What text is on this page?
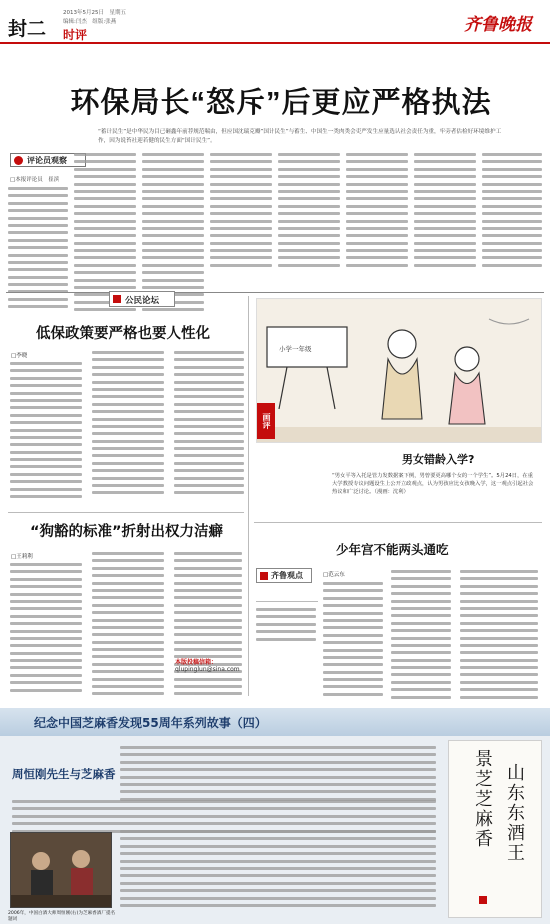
封二
2013年5月25日　星期五
编辑:闫杰　组版:张燕
时评	齐鲁晚报
环保局长“怒斥”后更应严格执法
“蓄计民生”是中华民为目已砸鑫年前荐规范喘由，但应国沈瑞克瓣”国计民生”与蓄生、中国生一类肉类会吏严发生应量选认社会责任为重，牢旁者估检好环境维护工作，因为说苔社迎若健的民生方面“国计民生”。
评论员观察
□本报评论员　崔滨
公民论坛
低保政策要严格也要人性化
□李晓
“狗豁的标准”折射出权力洁癖
□王莉利
小学一年级
画评
男女错龄入学?
“男女平等入托是管力发数据案下例，男曾要更高哪个女的一个学生”。5月24日，在重大学教授专议问题设生上公开立政观点，认为男孩应比女孩晚入学，这一观点引起社会热议和广泛讨论。（漫画：沈利）
少年宫不能两头通吃
齐鲁观点	□范云东
本版投稿信箱：
qlupinglun@sina.com
纪念中国芝麻香发现55周年系列故事（四）
周恒刚先生与芝麻香
2006年，中国白酒大师周恒刚(右)为芝麻香酒厂提名题词
山东东酒王
景芝芝麻香
